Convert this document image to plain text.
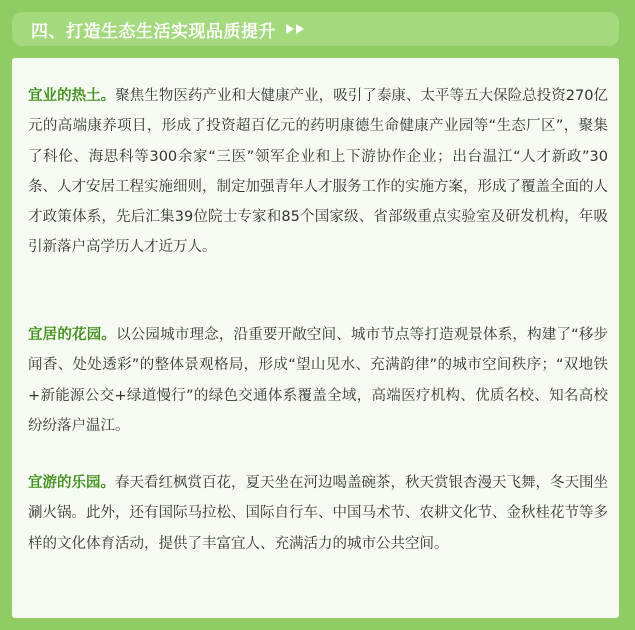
四、打造生态生活实现品质提升

宜业的热土。聚焦生物医药产业和大健康产业，吸引了泰康、太平等五大保险总投资270亿元的高端康养项目，形成了投资超百亿元的药明康德生命健康产业园等“生态厂区”，聚集了科伦、海思科等300余家“三医”领军企业和上下游协作企业；出台温江“人才新政”30条、人才安居工程实施细则，制定加强青年人才服务工作的实施方案，形成了覆盖全面的人才政策体系，先后汇集39位院士专家和85个国家级、省部级重点实验室及研发机构，年吸引新落户高学历人才近万人。

宜居的花园。以公园城市理念，沿重要开敞空间、城市节点等打造观景体系，构建了“移步闻香、处处透彩”的整体景观格局，形成“望山见水、充满韵律”的城市空间秩序；“双地铁+新能源公交+绿道慢行”的绿色交通体系覆盖全域，高端医疗机构、优质名校、知名高校纷纷落户温江。

宜游的乐园。春天看红枫赏百花，夏天坐在河边喝盖碗茶，秋天赏银杏漫天飞舞，冬天围坐涮火锅。此外，还有国际马拉松、国际自行车、中国马术节、农耕文化节、金秋桂花节等多样的文化体育活动，提供了丰富宜人、充满活力的城市公共空间。
